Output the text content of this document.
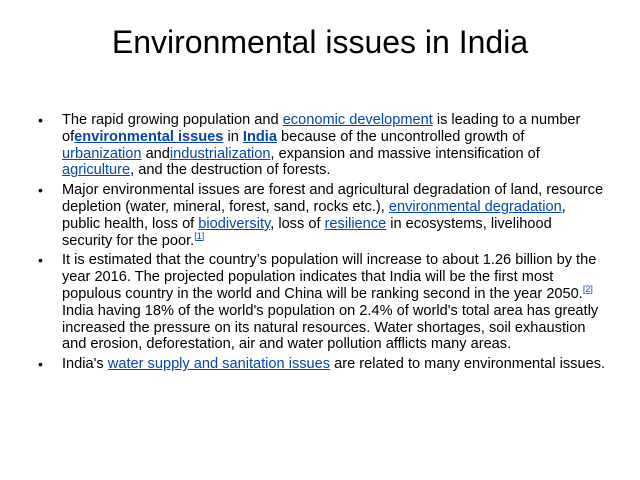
Environmental issues in India
• The rapid growing population and economic development is leading to a number ofenvironmental issues in India because of the uncontrolled growth of urbanization andindustrialization, expansion and massive intensification of agriculture, and the destruction of forests.
• Major environmental issues are forest and agricultural degradation of land, resource depletion (water, mineral, forest, sand, rocks etc.), environmental degradation, public health, loss of biodiversity, loss of resilience in ecosystems, livelihood security for the poor.[1]
• It is estimated that the country’s population will increase to about 1.26 billion by the year 2016. The projected population indicates that India will be the first most populous country in the world and China will be ranking second in the year 2050.[2] India having 18% of the world's population on 2.4% of world's total area has greatly increased the pressure on its natural resources. Water shortages, soil exhaustion and erosion, deforestation, air and water pollution afflicts many areas.
• India's water supply and sanitation issues are related to many environmental issues.
